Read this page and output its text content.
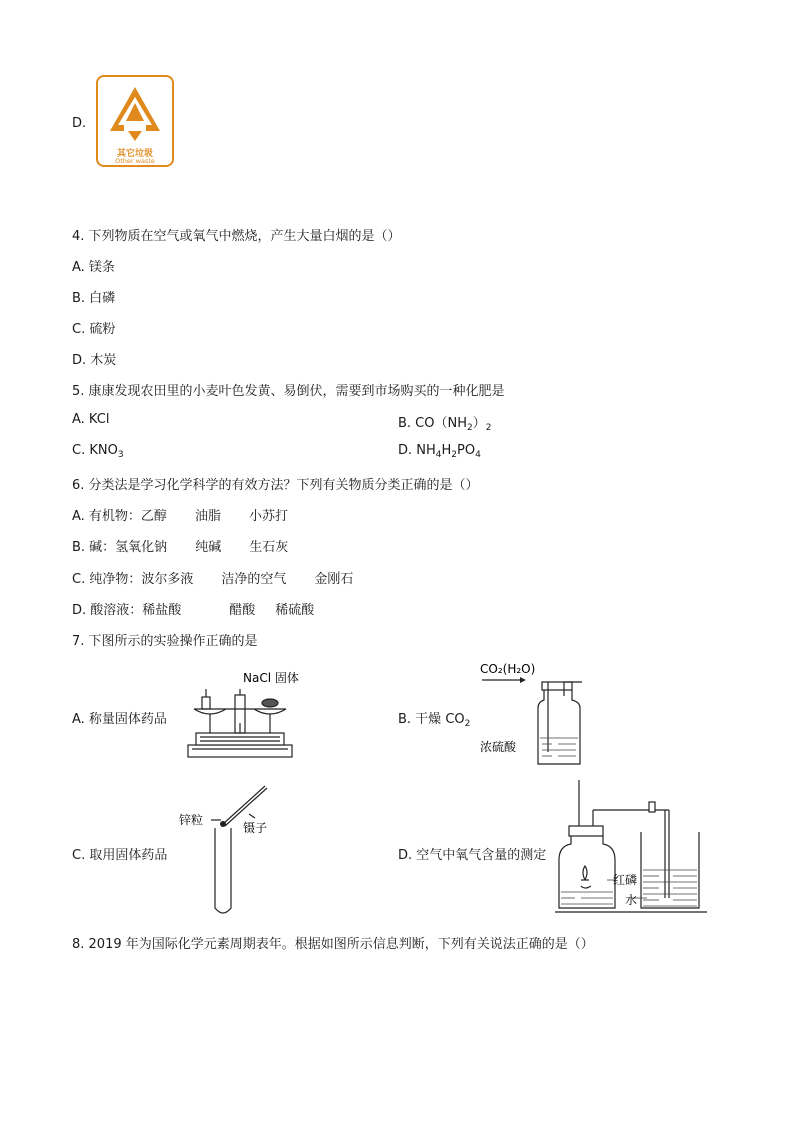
D.
其它垃圾
Other waste
4. 下列物质在空气或氧气中燃烧，产生大量白烟的是（）
A. 镁条
B. 白磷
C. 硫粉
D. 木炭
5. 康康发现农田里的小麦叶色发黄、易倒伏，需要到市场购买的一种化肥是
A. KCl	B. $CO(NH_2)_2$
C. $KNO_3$	D. $NH_4H_2PO_4$
6. 分类法是学习化学科学的有效方法？下列有关物质分类正确的是（）
A. 有机物：乙醇 油脂 小苏打
B. 碱：氢氧化钠 纯碱 生石灰
C. 纯净物：波尔多液 洁净的空气 金刚石
D. 酸溶液：稀盐酸	醋酸 稀硫酸
7. 下图所示的实验操作正确的是
A. 称量固体药品
NaCl 固体
B. 干燥 $CO_2$
CO₂(H₂O)
浓硫酸
C. 取用固体药品
锌粒
镊子
D. 空气中氧气含量的测定
红磷
水
8. 2019 年为国际化学元素周期表年。根据如图所示信息判断，下列有关说法正确的是（）
